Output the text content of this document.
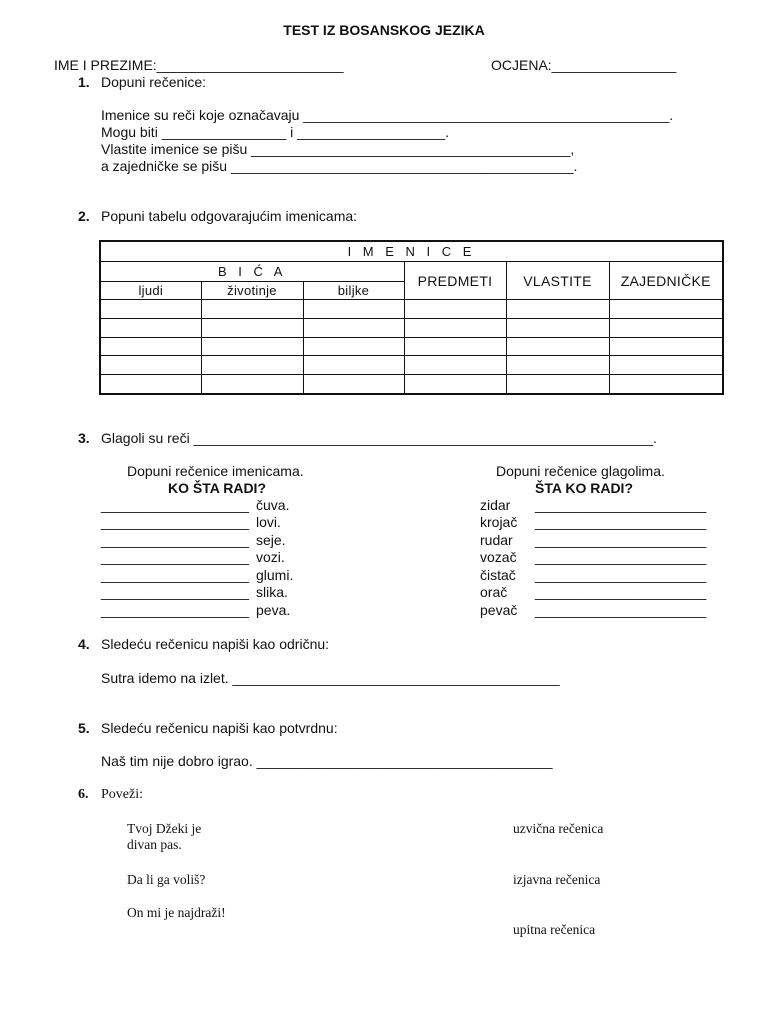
TEST IZ BOSANSKOG JEZIKA
IME I PREZIME:________________________	OCJENA:________________
1. Dopuni rečenice:
Imenice su reči koje označavaju _______________________________________________.
Mogu biti ________________ i ___________________.
Vlastite imenice se pišu _________________________________________,
a zajedničke se pišu ____________________________________________.
2. Popuni tabelu odgovarajućim imenicama:
I M E N I C E					
B I Ć A			PREDMETI	VLASTITE	ZAJEDNIČKE
ljudi	životinje	biljke			

3. Glagoli su reči ___________________________________________________________.
Dopuni rečenice imenicama.
KO ŠTA RADI?
Dopuni rečenice glagolima.
ŠTA KO RADI?
___________________ čuva.
___________________ lovi.
___________________ seje.
___________________ vozi.
___________________ glumi.
___________________ slika.
___________________ peva.
zidar ______________________
krojač ______________________
rudar ______________________
vozač ______________________
čistač ______________________
orač ______________________
pevač ______________________
4. Sledeću rečenicu napiši kao odričnu:
Sutra idemo na izlet. __________________________________________
5. Sledeću rečenicu napiši kao potvrdnu:
Naš tim nije dobro igrao. ______________________________________
6. Poveži:
Tvoj Džeki je
divan pas.
Da li ga voliš?
On mi je najdraži!
uzvična rečenica
izjavna rečenica
upitna rečenica
